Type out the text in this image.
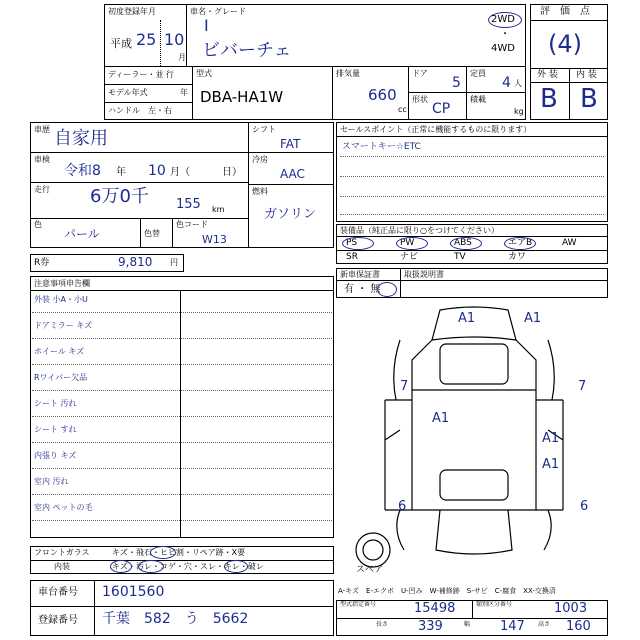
初度登録年月
平成 25 10
月
車名・グレード
I
ビバーチェ
2WD
・
4WD
ディーラー・並 行
モデル年式	年
ハンドル　左・右
型式
DBA-HA1W
排気量
660
cc
ドア
5
形状
CP
定員
4 人
積載
kg
評　価　点
(4)
外 装 内 装
B B
車歴 自家用
車検
令和8 年 10 月（	日）
走行 6万0千 155 km
色
パール	色替
色コード
W13
シフト
FAT
冷房
AAC
燃料
ガソリン
R券	9,810 円
セールスポイント（正常に機能するものに限ります）
スマートキー☆ETC
装備品（純正品に限り○をつけてください）
新車保証書	取扱説明書
有 ・ 無
注意事項申告欄
A1	A1
7	7
A1
A1
A1
6	6
スペア
フロントガラス	キズ・飛石・ヒビ割・リペア跡・X要
内装	キズ・汚レ・コゲ・穴・スレ・キレ・破レ
車台番号 1601560
登録番号 千葉　582　う　5662
A-キズ　E-エクボ　U-凹み　W-補修跡　S-サビ　C-腐食　XX-交換済
型式指定番号	15498	類別区分番号	1003
長さ 339	幅 147 高さ 160
PS	PW	ABS	エアB	AW
SR	ナビ	TV	カワ
外装 小A・小U
ドアミラー キズ
ホイール キズ
Rワイパー欠品
シート 汚れ
シート すれ
内張り キズ
室内 汚れ
室内 ペットの毛
